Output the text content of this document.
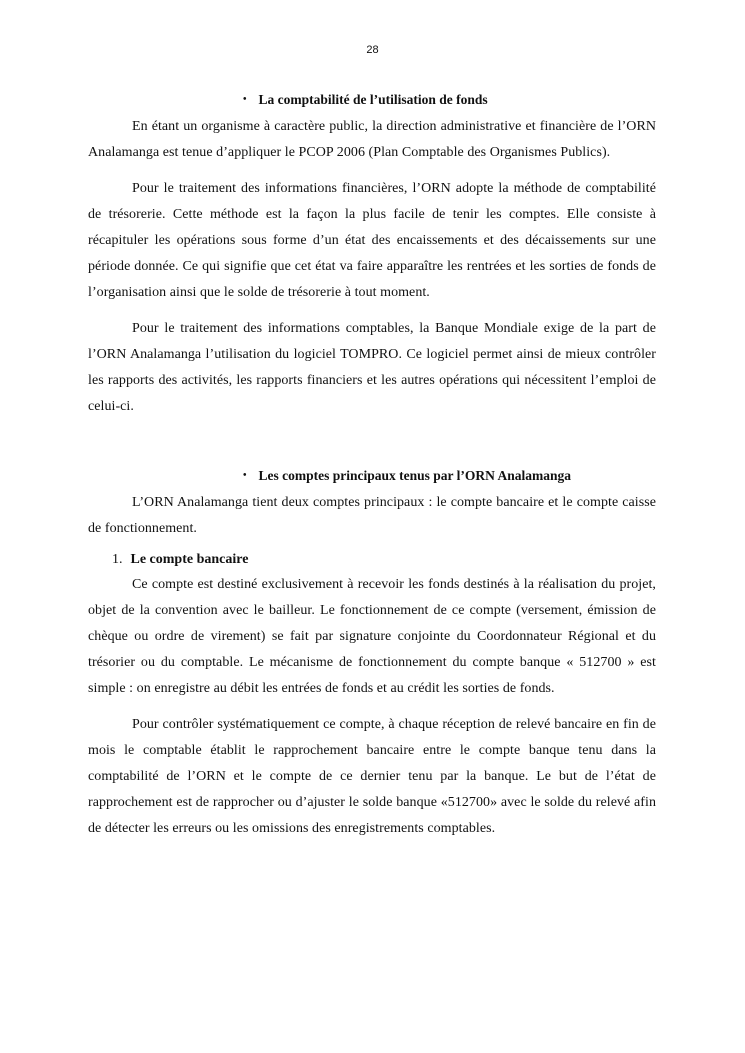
28
• La comptabilité de l’utilisation de fonds

En étant un organisme à caractère public, la direction administrative et financière de l’ORN Analamanga est tenue d’appliquer le PCOP 2006 (Plan Comptable des Organismes Publics).

Pour le traitement des informations financières, l’ORN adopte la méthode de comptabilité de trésorerie. Cette méthode est la façon la plus facile de tenir les comptes. Elle consiste à récapituler les opérations sous forme d’un état des encaissements et des décaissements sur une période donnée. Ce qui signifie que cet état va faire apparaître les rentrées et les sorties de fonds de l’organisation ainsi que le solde de trésorerie à tout moment.

Pour le traitement des informations comptables, la Banque Mondiale exige de la part de l’ORN Analamanga l’utilisation du logiciel TOMPRO. Ce logiciel permet ainsi de mieux contrôler les rapports des activités, les rapports financiers et les autres opérations qui nécessitent l’emploi de celui-ci.

• Les comptes principaux tenus par l’ORN Analamanga

L’ORN Analamanga tient deux comptes principaux : le compte bancaire et le compte caisse de fonctionnement.

1. Le compte bancaire

Ce compte est destiné exclusivement à recevoir les fonds destinés à la réalisation du projet, objet de la convention avec le bailleur. Le fonctionnement de ce compte (versement, émission de chèque ou ordre de virement) se fait par signature conjointe du Coordonnateur Régional et du trésorier ou du comptable. Le mécanisme de fonctionnement du compte banque « 512700 » est simple : on enregistre au débit les entrées de fonds et au crédit les sorties de fonds.

Pour contrôler systématiquement ce compte, à chaque réception de relevé bancaire en fin de mois le comptable établit le rapprochement bancaire entre le compte banque tenu dans la comptabilité de l’ORN et le compte de ce dernier tenu par la banque. Le but de l’état de rapprochement est de rapprocher ou d’ajuster le solde banque «512700» avec le solde du relevé afin de détecter les erreurs ou les omissions des enregistrements comptables.
